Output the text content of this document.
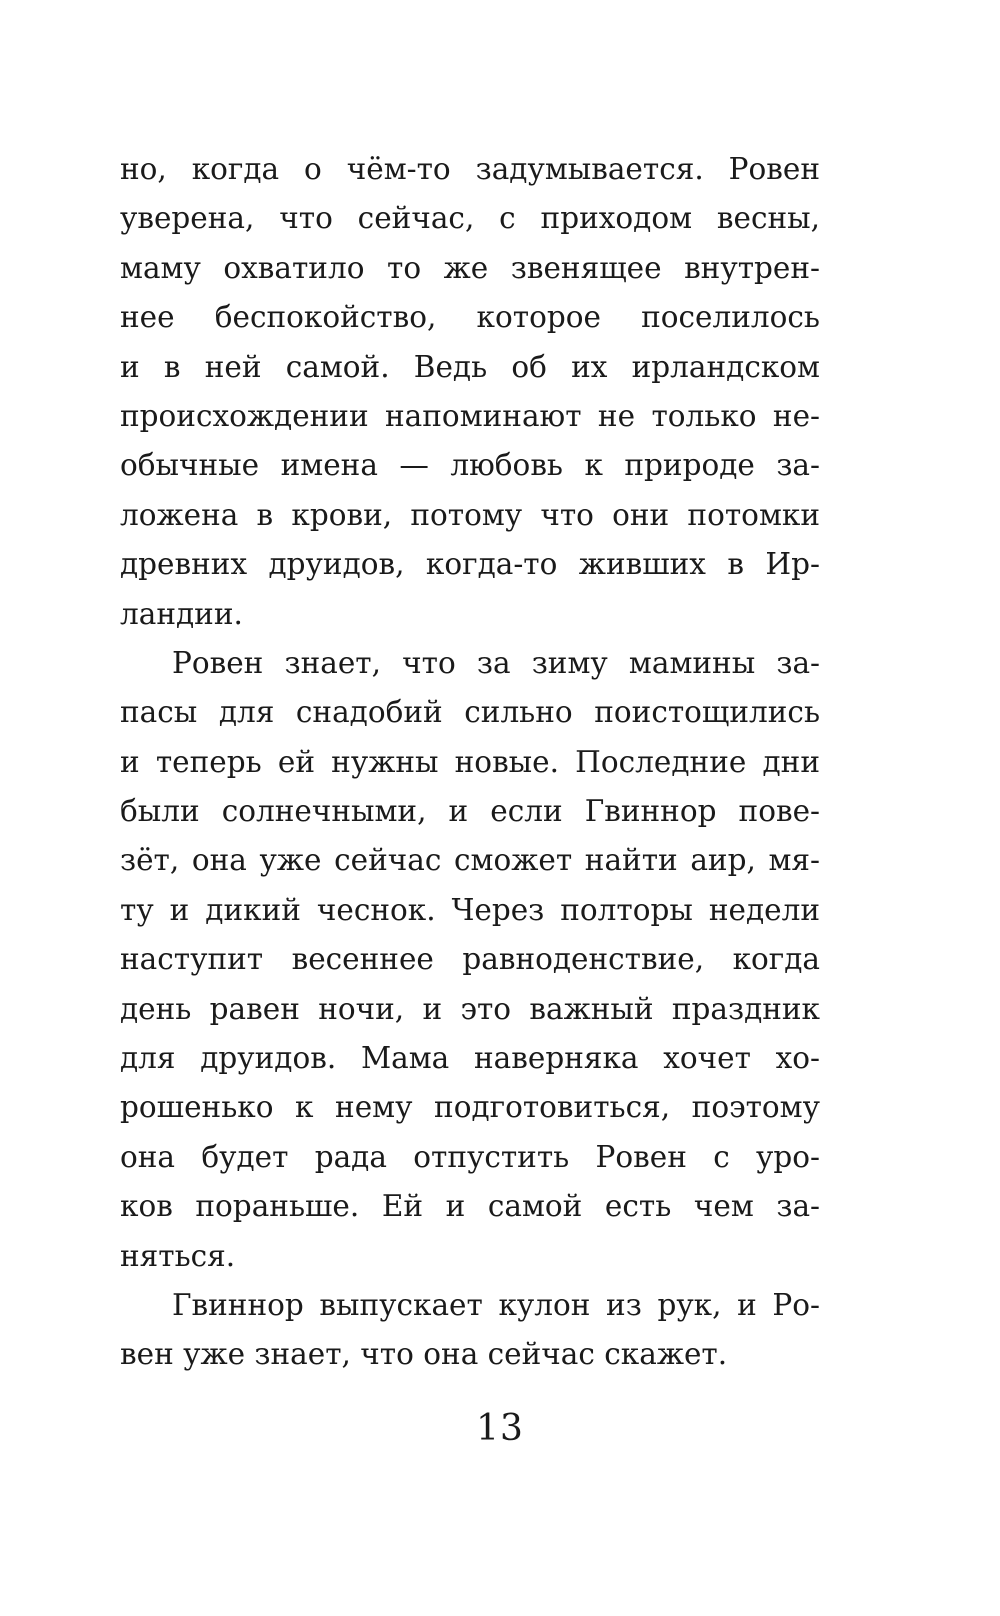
но, когда о чём-то задумывается. Ровен
уверена, что сейчас, с приходом весны,
маму охватило то же звенящее внутрен-
нее беспокойство, которое поселилось
и в ней самой. Ведь об их ирландском
происхождении напоминают не только не-
обычные имена — любовь к природе за-
ложена в крови, потому что они потомки
древних друидов, когда-то живших в Ир-
ландии.
Ровен знает, что за зиму мамины за-
пасы для снадобий сильно поистощились
и теперь ей нужны новые. Последние дни
были солнечными, и если Гвиннор пове-
зёт, она уже сейчас сможет найти аир, мя-
ту и дикий чеснок. Через полторы недели
наступит весеннее равноденствие, когда
день равен ночи, и это важный праздник
для друидов. Мама наверняка хочет хо-
рошенько к нему подготовиться, поэтому
она будет рада отпустить Ровен с уро-
ков пораньше. Ей и самой есть чем за-
няться.
Гвиннор выпускает кулон из рук, и Ро-
вен уже знает, что она сейчас скажет.
13
